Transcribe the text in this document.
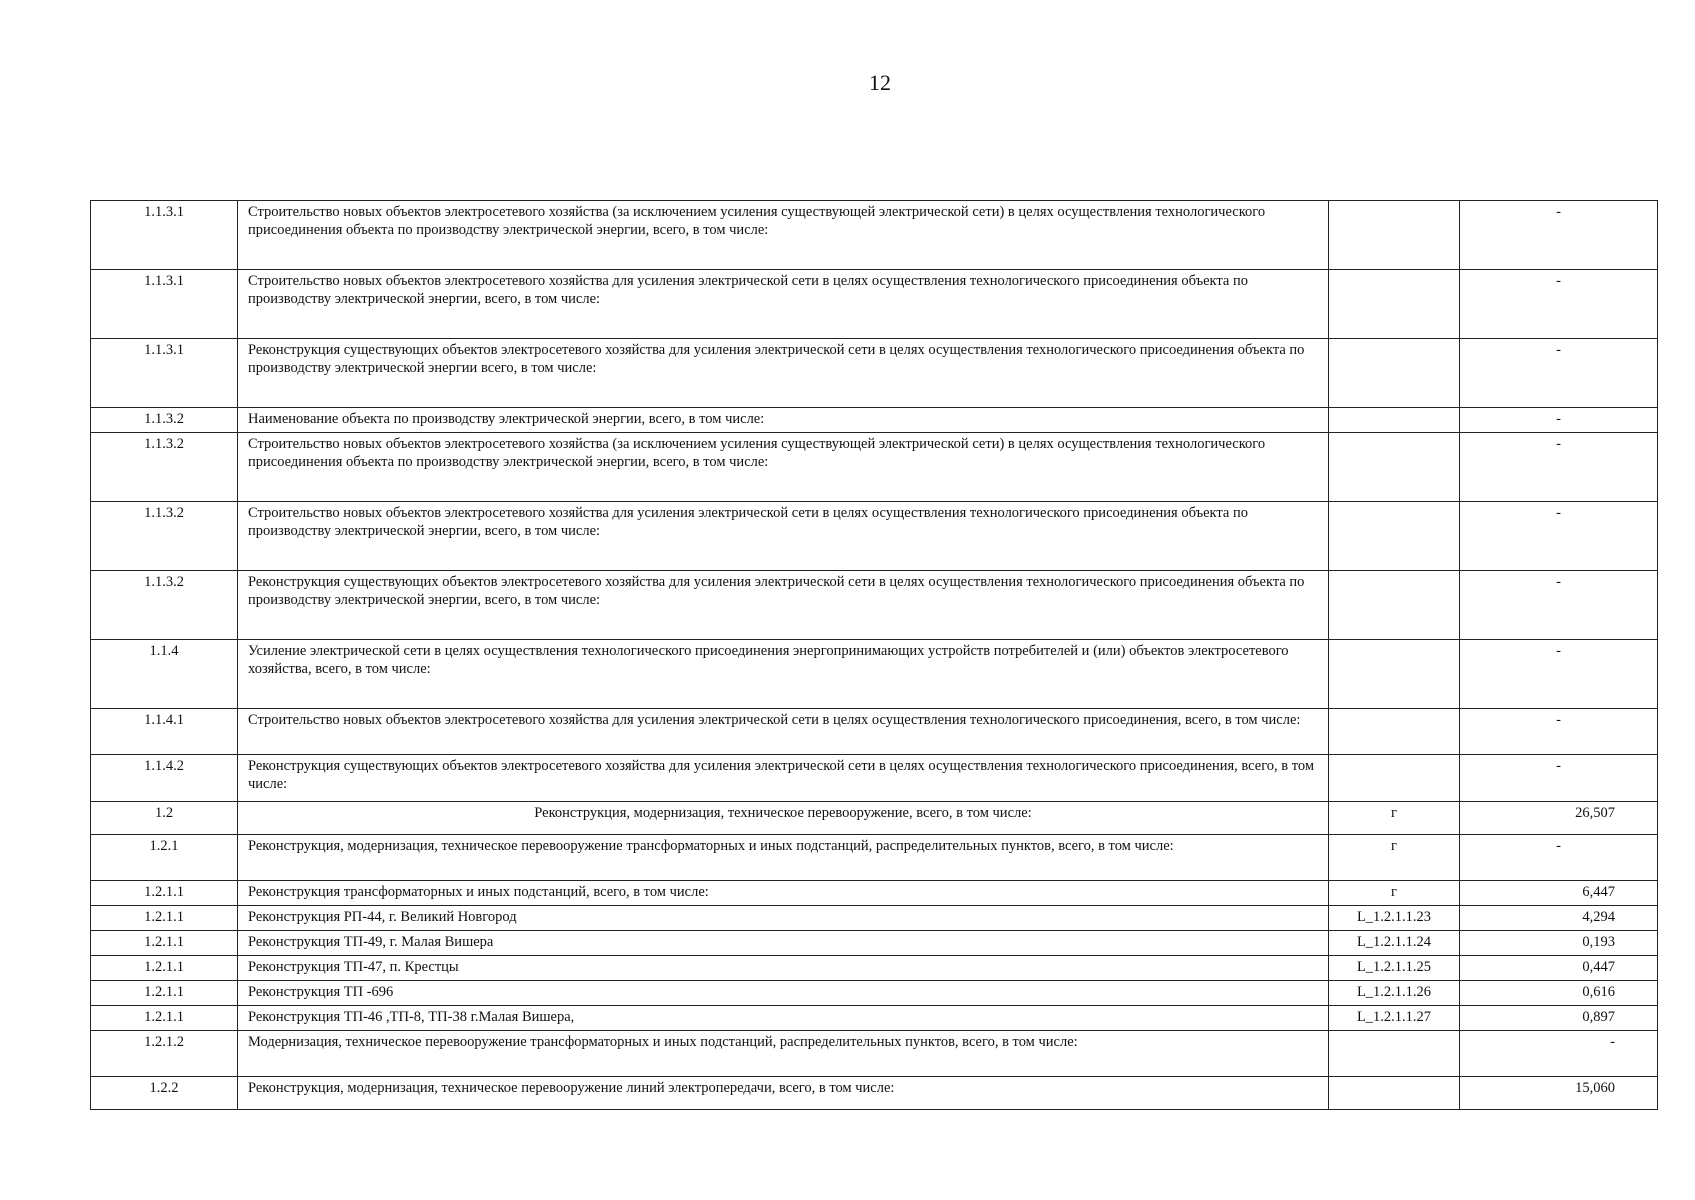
12
1.1.3.1	Строительство новых объектов электросетевого хозяйства (за исключением усиления существующей электрической сети) в целях осуществления технологического присоединения объекта по производству электрической энергии, всего, в том числе:		-
1.1.3.1	Строительство новых объектов электросетевого хозяйства для усиления электрической сети в целях осуществления технологического присоединения объекта по производству электрической энергии, всего, в том числе:		-
1.1.3.1	Реконструкция существующих объектов электросетевого хозяйства для усиления электрической сети в целях осуществления технологического присоединения объекта по производству электрической энергии всего, в том числе:		-
1.1.3.2	Наименование объекта по производству электрической энергии, всего, в том числе:		-
1.1.3.2	Строительство новых объектов электросетевого хозяйства (за исключением усиления существующей электрической сети) в целях осуществления технологического присоединения объекта по производству электрической энергии, всего, в том числе:		-
1.1.3.2	Строительство новых объектов электросетевого хозяйства для усиления электрической сети в целях осуществления технологического присоединения объекта по производству электрической энергии, всего, в том числе:		-
1.1.3.2	Реконструкция существующих объектов электросетевого хозяйства для усиления электрической сети в целях осуществления технологического присоединения объекта по производству электрической энергии, всего, в том числе:		-
1.1.4	Усиление электрической сети в целях осуществления технологического присоединения энергопринимающих устройств потребителей и (или) объектов электросетевого хозяйства, всего, в том числе:		-
1.1.4.1	Строительство новых объектов электросетевого хозяйства для усиления электрической сети в целях осуществления технологического присоединения, всего, в том числе:		-
1.1.4.2	Реконструкция существующих объектов электросетевого хозяйства для усиления электрической сети в целях осуществления технологического присоединения, всего, в том числе:		-
1.2	Реконструкция, модернизация, техническое перевооружение, всего, в том числе:	г	26,507
1.2.1	Реконструкция, модернизация, техническое перевооружение трансформаторных и иных подстанций, распределительных пунктов, всего, в том числе:	г	-
1.2.1.1	Реконструкция трансформаторных и иных подстанций, всего, в том числе:	г	6,447
1.2.1.1	Реконструкция РП-44, г. Великий Новгород	L_1.2.1.1.23	4,294
1.2.1.1	Реконструкция ТП-49, г. Малая Вишера	L_1.2.1.1.24	0,193
1.2.1.1	Реконструкция ТП-47, п. Крестцы	L_1.2.1.1.25	0,447
1.2.1.1	Реконструкция ТП -696	L_1.2.1.1.26	0,616
1.2.1.1	Реконструкция ТП-46 ,ТП-8, ТП-38 г.Малая Вишера,	L_1.2.1.1.27	0,897
1.2.1.2	Модернизация, техническое перевооружение трансформаторных и иных подстанций, распределительных пунктов, всего, в том числе:		-
1.2.2	Реконструкция, модернизация, техническое перевооружение линий электропередачи, всего, в том числе:		15,060
